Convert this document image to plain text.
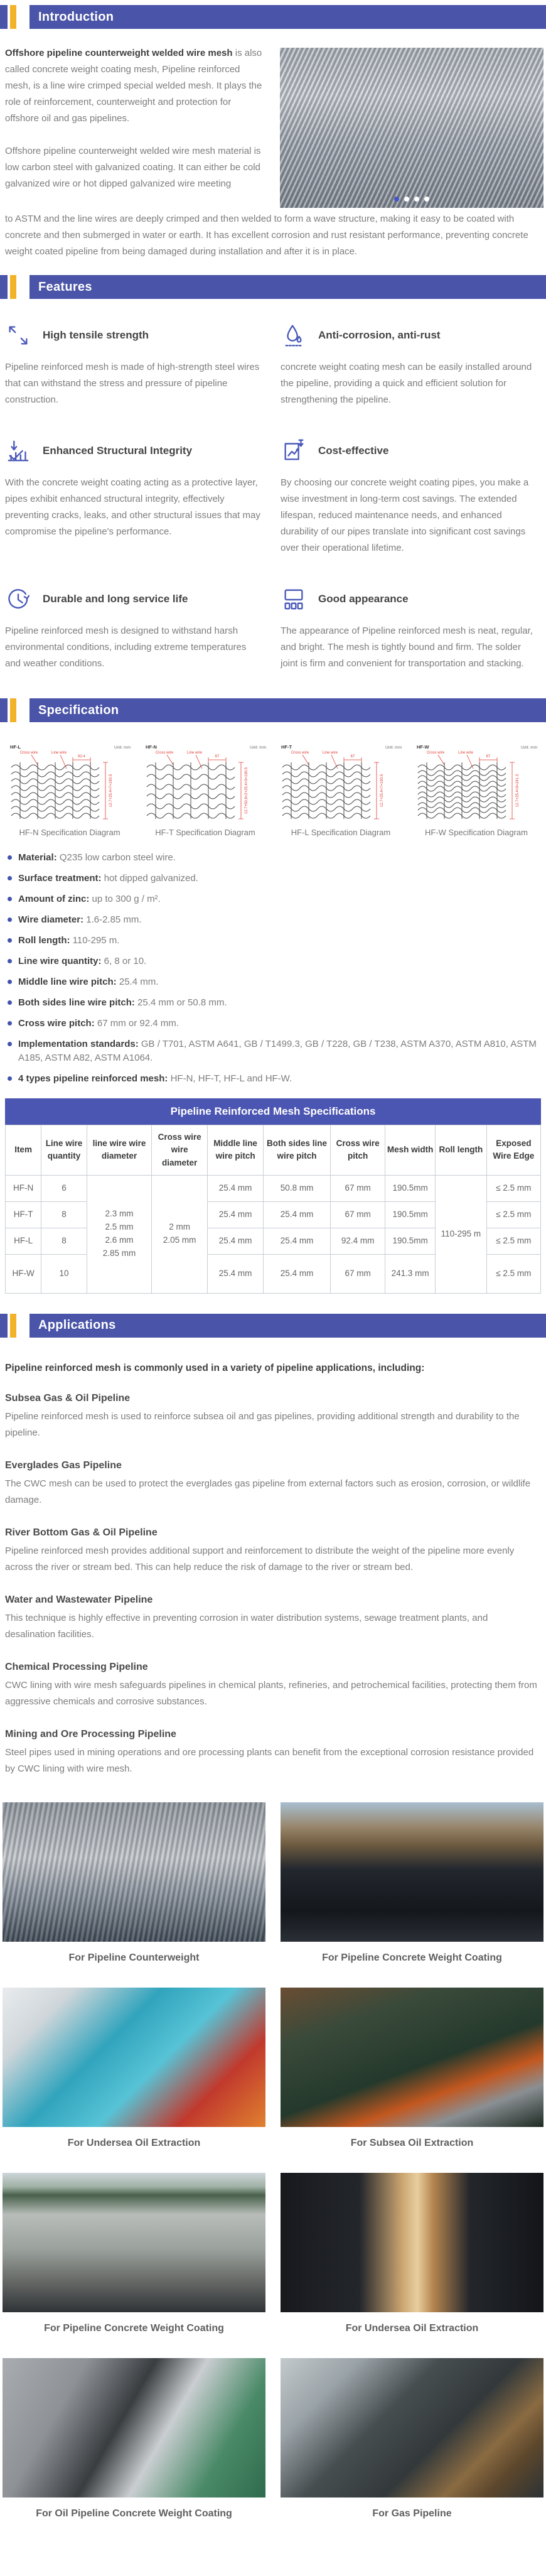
Introduction

Offshore pipeline counterweight welded wire mesh is also called concrete weight coating mesh, Pipeline reinforced mesh, is a line wire crimped special welded mesh. It plays the role of reinforcement, counterweight and protection for offshore oil and gas pipelines.

Offshore pipeline counterweight welded wire mesh material is low carbon steel with galvanized coating. It can either be cold galvanized wire or hot dipped galvanized wire meeting

to ASTM and the line wires are deeply crimped and then welded to form a wave structure, making it easy to be coated with concrete and then submerged in water or earth. It has excellent corrosion and rust resistant performance, preventing concrete weight coated pipeline from being damaged during installation and after it is in place.

Features
High tensile strength

Pipeline reinforced mesh is made of high-strength steel wires that can withstand the stress and pressure of pipeline construction.

Anti-corrosion, anti-rust

concrete weight coating mesh can be easily installed around the pipeline, providing a quick and efficient solution for strengthening the pipeline.

Enhanced Structural Integrity

With the concrete weight coating acting as a protective layer, pipes exhibit enhanced structural integrity, effectively preventing cracks, leaks, and other structural issues that may compromise the pipeline's performance.

Cost-effective

By choosing our concrete weight coating pipes, you make a wise investment in long-term cost savings. The extended lifespan, reduced maintenance needs, and enhanced durability of our pipes translate into significant cost savings over their operational lifetime.

Durable and long service life

Pipeline reinforced mesh is designed to withstand harsh environmental conditions, including extreme temperatures and weather conditions.

Good appearance

The appearance of Pipeline reinforced mesh is neat, regular, and bright. The mesh is tightly bound and firm. The solder joint is firm and convenient for transportation and stacking.

Specification
HF-L	Unit: mm
Cross wire	Line wire
92.4
12.7+25.4×7=190.5
HF-N Specification Diagram
HF-N	Unit: mm
Cross wire	Line wire
67
12.7+50.8×2+25.4×3=190.5
HF-T Specification Diagram
HF-T	Unit: mm
Cross wire	Line wire
67
12.7+25.4×7=190.5
HF-L Specification Diagram
HF-W	Unit: mm
Cross wire	Line wire
67
12.7+25.4×9=241.3
HF-W Specification Diagram
Material: Q235 low carbon steel wire.
Surface treatment: hot dipped galvanized.
Amount of zinc: up to 300 g / m².
Wire diameter: 1.6-2.85 mm.
Roll length: 110-295 m.
Line wire quantity: 6, 8 or 10.
Middle line wire pitch: 25.4 mm.
Both sides line wire pitch: 25.4 mm or 50.8 mm.
Cross wire pitch: 67 mm or 92.4 mm.
Implementation standards: GB / T701, ASTM A641, GB / T1499.3, GB / T228, GB / T238, ASTM A370, ASTM A810, ASTM A185, ASTM A82, ASTM A1064.
4 types pipeline reinforced mesh: HF-N, HF-T, HF-L and HF-W.
Pipeline Reinforced Mesh Specifications
Item	Line wire quantity	line wire wire diameter	Cross wire wire diameter	Middle line wire pitch	Both sides line wire pitch	Cross wire pitch	Mesh width	Roll length	Exposed Wire Edge
HF-N	6	2.3 mm
2.5 mm
2.6 mm
2.85 mm	2 mm
2.05 mm	25.4 mm	50.8 mm	67 mm	190.5mm	110-295 m	≤ 2.5 mm
HF-T	8			25.4 mm	25.4 mm	67 mm	190.5mm		≤ 2.5 mm
HF-L	8			25.4 mm	25.4 mm	92.4 mm	190.5mm		≤ 2.5 mm
HF-W	10			25.4 mm	25.4 mm	67 mm	241.3 mm		≤ 2.5 mm
Applications

Pipeline reinforced mesh is commonly used in a variety of pipeline applications, including:

Subsea Gas & Oil Pipeline

Pipeline reinforced mesh is used to reinforce subsea oil and gas pipelines, providing additional strength and durability to the pipeline.

Everglades Gas Pipeline

The CWC mesh can be used to protect the everglades gas pipeline from external factors such as erosion, corrosion, or wildlife damage.

River Bottom Gas & Oil Pipeline

Pipeline reinforced mesh provides additional support and reinforcement to distribute the weight of the pipeline more evenly across the river or stream bed. This can help reduce the risk of damage to the river or stream bed.

Water and Wastewater Pipeline

This technique is highly effective in preventing corrosion in water distribution systems, sewage treatment plants, and desalination facilities.

Chemical Processing Pipeline

CWC lining with wire mesh safeguards pipelines in chemical plants, refineries, and petrochemical facilities, protecting them from aggressive chemicals and corrosive substances.

Mining and Ore Processing Pipeline

Steel pipes used in mining operations and ore processing plants can benefit from the exceptional corrosion resistance provided by CWC lining with wire mesh.

For Pipeline Counterweight	For Pipeline Concrete Weight Coating
For Undersea Oil Extraction	For Subsea Oil Extraction
For Pipeline Concrete Weight Coating	For Undersea Oil Extraction
For Oil Pipeline Concrete Weight Coating	For Gas Pipeline
